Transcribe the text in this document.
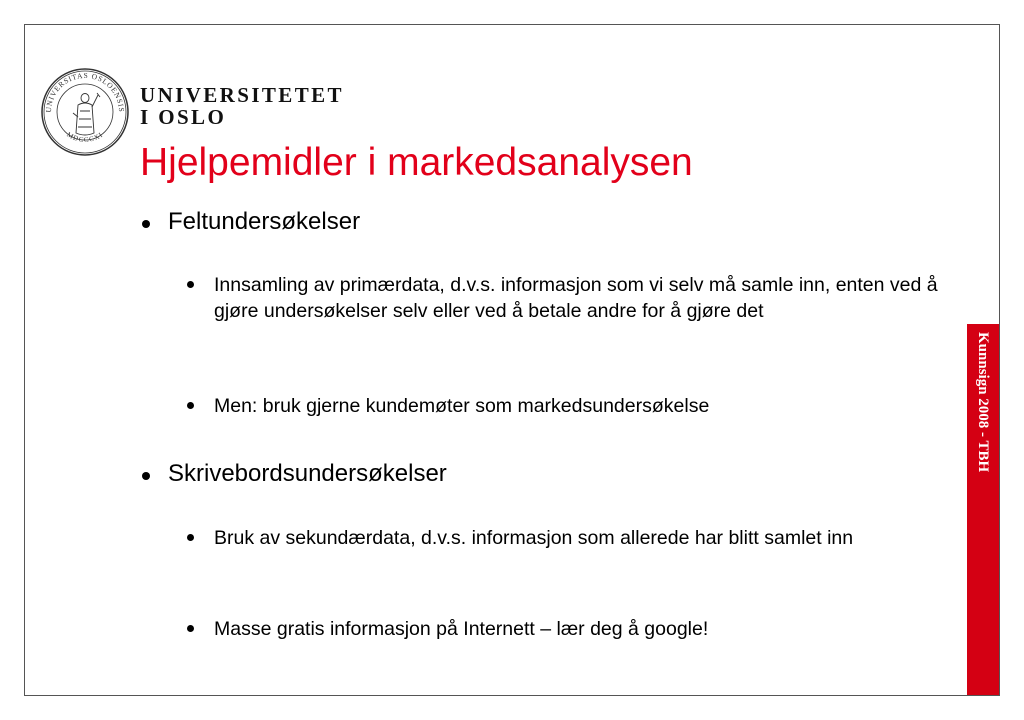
UNIVERSITAS OSLOENSIS
MDCCCXI
UNIVERSITETET
I OSLO
Hjelpemidler i markedsanalysen
Feltundersøkelser
Innsamling av primærdata, d.v.s. informasjon som vi selv må samle inn, enten ved å gjøre undersøkelser selv eller ved å betale andre for å gjøre det
Men: bruk gjerne kundemøter som markedsundersøkelse
Skrivebordsundersøkelser
Bruk av sekundærdata, d.v.s. informasjon som allerede har blitt samlet inn
Masse gratis informasjon på Internett – lær deg å google!
Kunnsign 2008 - TBH
